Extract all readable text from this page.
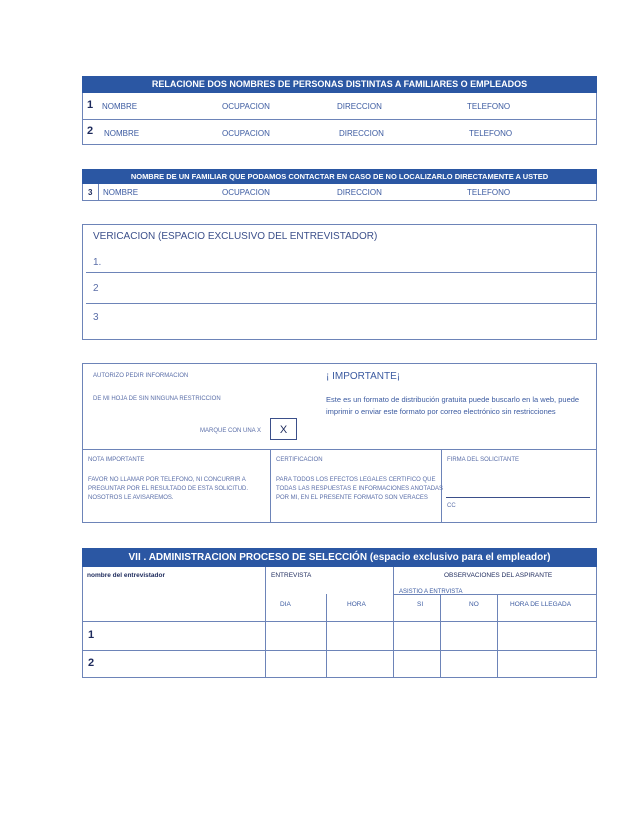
RELACIONE DOS NOMBRES DE PERSONAS DISTINTAS A FAMILIARES O EMPLEADOS
1 NOMBRE	OCUPACION	DIRECCION	TELEFONO
2 NOMBRE	OCUPACION	DIRECCION	TELEFONO
NOMBRE DE UN FAMILIAR QUE PODAMOS CONTACTAR EN CASO DE NO LOCALIZARLO DIRECTAMENTE A USTED
3 NOMBRE	OCUPACION	DIRECCION	TELEFONO
VERICACION (ESPACIO EXCLUSIVO DEL ENTREVISTADOR)
1.
2
3
AUTORIZO PEDIR INFORMACION
DE MI HOJA DE SIN NINGUNA RESTRICCION
MARQUE CON UNA X	X
¡ IMPORTANTE¡
Este es un formato de distribución gratuita puede buscarlo en la web, puede
imprimir o enviar este formato por correo electrónico sin restricciones
NOTA IMPORTANTE
FAVOR NO LLAMAR POR TELEFONO, NI CONCURRIR A
PREGUNTAR POR EL RESULTADO DE ESTA SOLICITUD.
NOSOTROS LE AVISAREMOS.
CERTIFICACION
PARA TODOS LOS EFECTOS LEGALES CERTIFICO QUE
TODAS LAS RESPUESTAS E INFORMACIONES ANOTADAS
POR MI, EN EL PRESENTE FORMATO SON VERACES
FIRMA DEL SOLICITANTE
CC
VII . ADMINISTRACION PROCESO DE SELECCIÓN (espacio exclusivo para el empleador)
nombre del entrevistador	ENTREVISTA	OBSERVACIONES DEL ASPIRANTE
ASISTIO A ENTRVISTA
DIA	HORA	SI	NO	HORA DE LLEGADA
1
2
